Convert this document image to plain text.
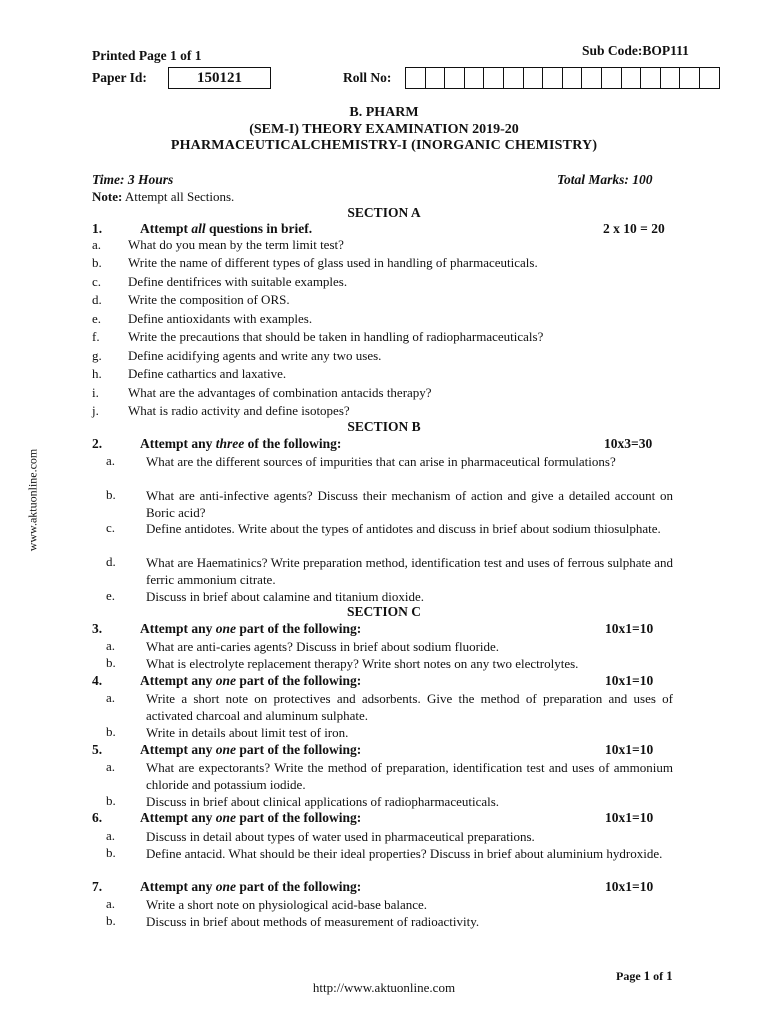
Printed Page 1 of 1	Sub Code:BOP111
Paper Id:	150121	Roll No:
B. PHARM
(SEM-I) THEORY EXAMINATION 2019-20
PHARMACEUTICALCHEMISTRY-I (INORGANIC CHEMISTRY)
Time: 3 Hours	Total Marks: 100
Note: Attempt all Sections.
SECTION A
1.	Attempt all questions in brief.	2 x 10 = 20
a. What do you mean by the term limit test?
b. Write the name of different types of glass used in handling of pharmaceuticals.
c. Define dentifrices with suitable examples.
d. Write the composition of ORS.
e. Define antioxidants with examples.
f. Write the precautions that should be taken in handling of radiopharmaceuticals?
g. Define acidifying agents and write any two uses.
h. Define cathartics and laxative.
i. What are the advantages of combination antacids therapy?
j. What is radio activity and define isotopes?
SECTION B
2.	Attempt any three of the following:	10x3=30
a. What are the different sources of impurities that can arise in pharmaceutical formulations?
b. What are anti-infective agents? Discuss their mechanism of action and give a detailed account on Boric acid?
c. Define antidotes. Write about the types of antidotes and discuss in brief about sodium thiosulphate.
d. What are Haematinics? Write preparation method, identification test and uses of ferrous sulphate and ferric ammonium citrate.
e. Discuss in brief about calamine and titanium dioxide.
SECTION C
3.	Attempt any one part of the following:	10x1=10
a. What are anti-caries agents? Discuss in brief about sodium fluoride.
b. What is electrolyte replacement therapy? Write short notes on any two electrolytes.
4.	Attempt any one part of the following:	10x1=10
a. Write a short note on protectives and adsorbents. Give the method of preparation and uses of activated charcoal and aluminum sulphate.
b. Write in details about limit test of iron.
5.	Attempt any one part of the following:	10x1=10
a. What are expectorants? Write the method of preparation, identification test and uses of ammonium chloride and potassium iodide.
b. Discuss in brief about clinical applications of radiopharmaceuticals.
6.	Attempt any one part of the following:	10x1=10
a. Discuss in detail about types of water used in pharmaceutical preparations.
b. Define antacid. What should be their ideal properties? Discuss in brief about aluminium hydroxide.
7.	Attempt any one part of the following:	10x1=10
a. Write a short note on physiological acid-base balance.
b. Discuss in brief about methods of measurement of radioactivity.
Page 1 of 1
http://www.aktuonline.com
www.aktuonline.com
